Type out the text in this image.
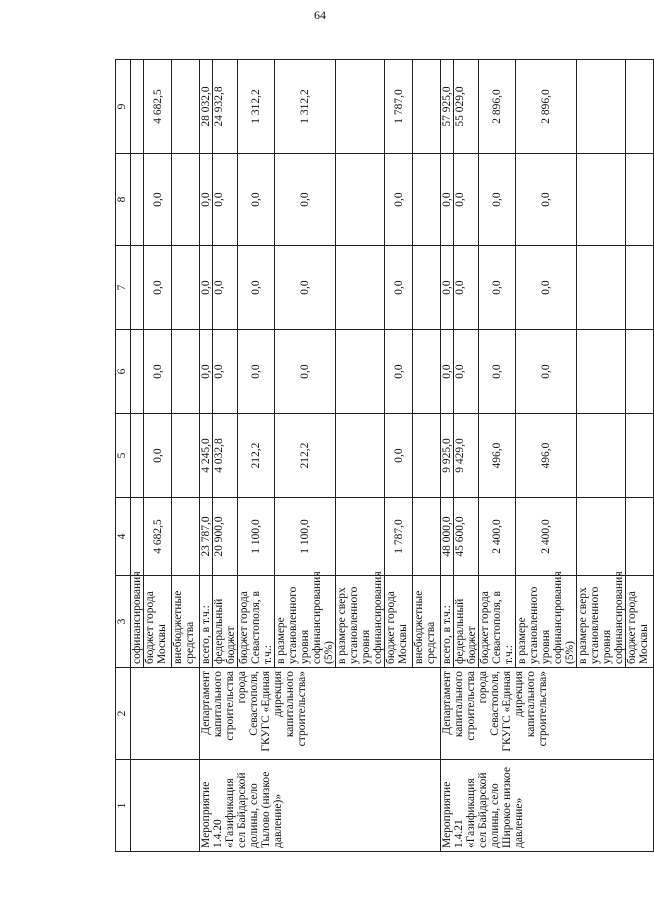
64
1	2	3	4	5	6	7	8	9
		софинансирования						
		бюджет города Москвы	4 682,5	0,0	0,0	0,0	0,0	4 682,5
		внебюджетные средства						
Мероприятие 1.4.20 «Газификация сел Байдарской долины, село Тылово (низкое давление)»	Департамент капитального строительства города Севастополя, ГКУГС «Единая дирекция капитального строительства»	всего, в т.ч.:	23 787,0	4 245,0	0,0	0,0	0,0	28 032,0
		федеральный бюджет	20 900,0	4 032,8	0,0	0,0	0,0	24 932,8
		бюджет города Севастополя, в т.ч.:	1 100,0	212,2	0,0	0,0	0,0	1 312,2
		в размере установленного уровня софинансирования (5%)	1 100,0	212,2	0,0	0,0	0,0	1 312,2
		в размере сверх установленного уровня софинансирования						
		бюджет города Москвы	1 787,0	0,0	0,0	0,0	0,0	1 787,0
		внебюджетные средства						
Мероприятие 1.4.21 «Газификация сел Байдарской долины, село Широкое низкое давление»	Департамент капитального строительства города Севастополя, ГКУГС «Единая дирекция капитального строительства»	всего, в т.ч.:	48 000,0	9 925,0	0,0	0,0	0,0	57 925,0
		федеральный бюджет	45 600,0	9 429,0	0,0	0,0	0,0	55 029,0
		бюджет города Севастополя, в т.ч.:	2 400,0	496,0	0,0	0,0	0,0	2 896,0
		в размере установленного уровня софинансирования (5%)	2 400,0	496,0	0,0	0,0	0,0	2 896,0
		в размере сверх установленного уровня софинансирования						
		бюджет города Москвы						
